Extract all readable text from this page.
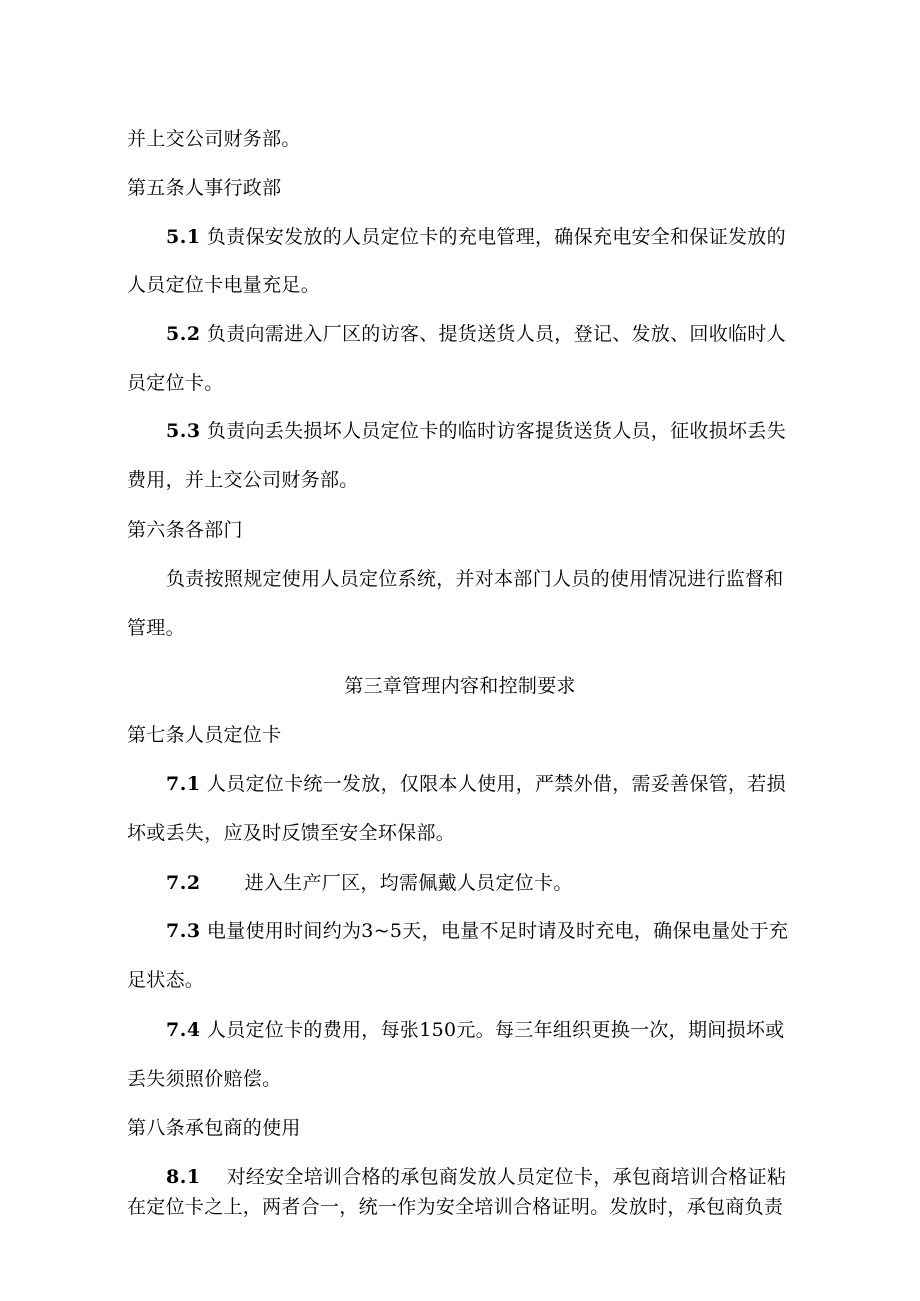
并上交公司财务部。
第五条人事行政部
5.1 负责保安发放的人员定位卡的充电管理，确保充电安全和保证发放的
人员定位卡电量充足。
5.2 负责向需进入厂区的访客、提货送货人员，登记、发放、回收临时人
员定位卡。
5.3 负责向丢失损坏人员定位卡的临时访客提货送货人员，征收损坏丢失
费用，并上交公司财务部。
第六条各部门
负责按照规定使用人员定位系统，并对本部门人员的使用情况进行监督和
管理。
第三章管理内容和控制要求
第七条人员定位卡
7.1 人员定位卡统一发放，仅限本人使用，严禁外借，需妥善保管，若损
坏或丢失，应及时反馈至安全环保部。
7.2 进入生产厂区，均需佩戴人员定位卡。
7.3 电量使用时间约为3~5天，电量不足时请及时充电，确保电量处于充
足状态。
7.4 人员定位卡的费用，每张150元。每三年组织更换一次，期间损坏或
丢失须照价赔偿。
第八条承包商的使用
8.1 对经安全培训合格的承包商发放人员定位卡，承包商培训合格证粘
在定位卡之上，两者合一，统一作为安全培训合格证明。发放时，承包商负责
